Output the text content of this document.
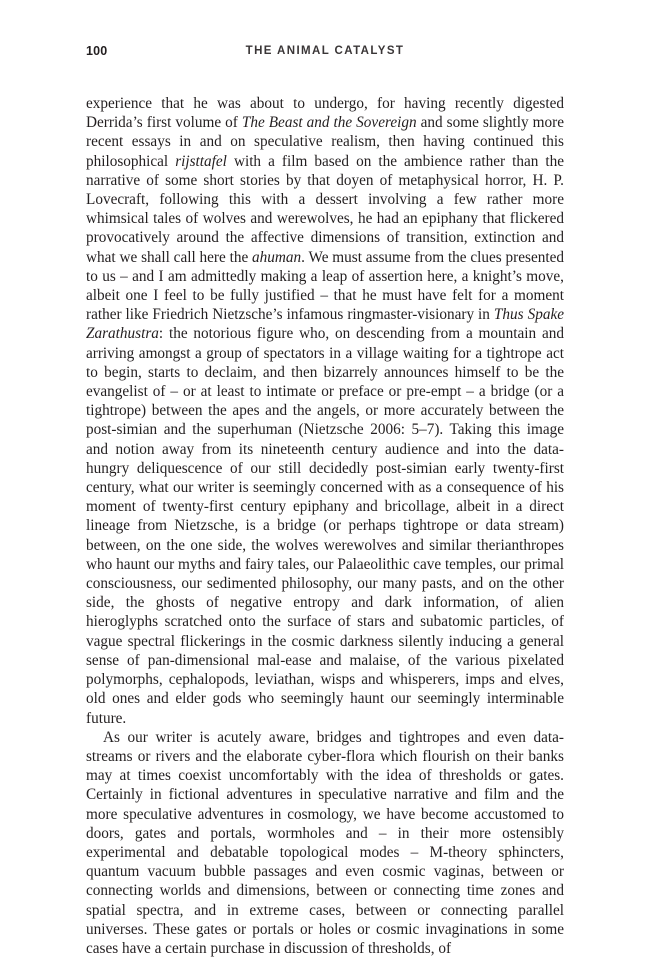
100	THE ANIMAL CATALYST

experience that he was about to undergo, for having recently digested Derrida’s first volume of The Beast and the Sovereign and some slightly more recent essays in and on speculative realism, then having continued this philosophical rijsttafel with a film based on the ambience rather than the narrative of some short stories by that doyen of metaphysical horror, H. P. Lovecraft, following this with a dessert involving a few rather more whimsical tales of wolves and werewolves, he had an epiphany that flickered provocatively around the affective dimensions of transition, extinction and what we shall call here the ahuman. We must assume from the clues presented to us – and I am admittedly making a leap of assertion here, a knight’s move, albeit one I feel to be fully justified – that he must have felt for a moment rather like Friedrich Nietzsche’s infamous ringmaster-visionary in Thus Spake Zarathustra: the notorious figure who, on descending from a mountain and arriving amongst a group of spectators in a village waiting for a tightrope act to begin, starts to declaim, and then bizarrely announces himself to be the evangelist of – or at least to intimate or preface or pre-empt – a bridge (or a tightrope) between the apes and the angels, or more accurately between the post-simian and the superhuman (Nietzsche 2006: 5–7). Taking this image and notion away from its nineteenth century audience and into the data-hungry deliquescence of our still decidedly post-simian early twenty-first century, what our writer is seemingly concerned with as a consequence of his moment of twenty-first century epiphany and bricollage, albeit in a direct lineage from Nietzsche, is a bridge (or perhaps tightrope or data stream) between, on the one side, the wolves werewolves and similar therianthropes who haunt our myths and fairy tales, our Palaeolithic cave temples, our primal consciousness, our sedimented philosophy, our many pasts, and on the other side, the ghosts of negative entropy and dark information, of alien hieroglyphs scratched onto the surface of stars and subatomic particles, of vague spectral flickerings in the cosmic darkness silently inducing a general sense of pan-dimensional mal-ease and malaise, of the various pixelated polymorphs, cephalopods, leviathan, wisps and whisperers, imps and elves, old ones and elder gods who seemingly haunt our seemingly interminable future.

As our writer is acutely aware, bridges and tightropes and even data-streams or rivers and the elaborate cyber-flora which flourish on their banks may at times coexist uncomfortably with the idea of thresholds or gates. Certainly in fictional adventures in speculative narrative and film and the more speculative adventures in cosmology, we have become accustomed to doors, gates and portals, wormholes and – in their more ostensibly experimental and debatable topological modes – M-theory sphincters, quantum vacuum bubble passages and even cosmic vaginas, between or connecting worlds and dimensions, between or connecting time zones and spatial spectra, and in extreme cases, between or connecting parallel universes. These gates or portals or holes or cosmic invaginations in some cases have a certain purchase in discussion of thresholds, of
